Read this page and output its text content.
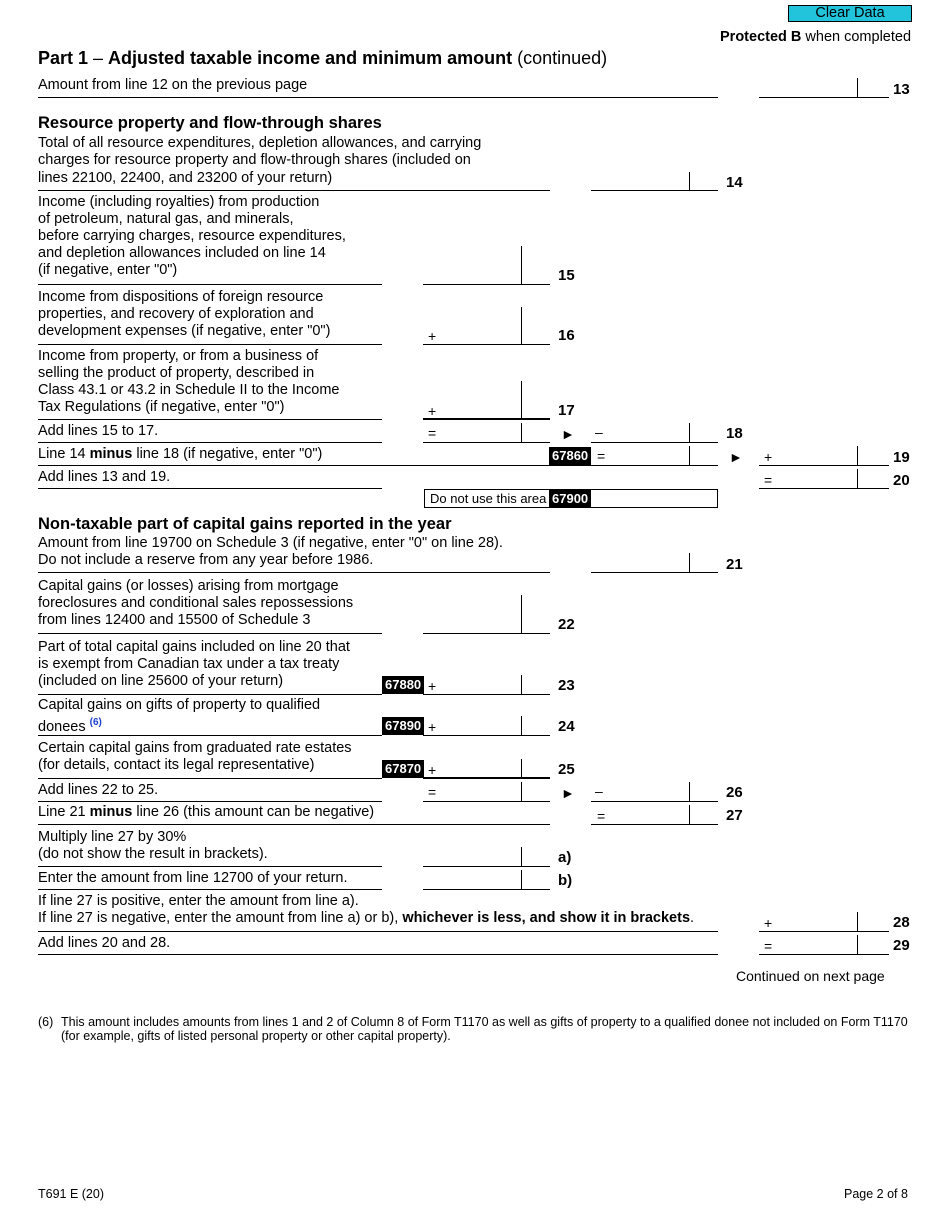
Clear Data
Protected B when completed
Part 1 – Adjusted taxable income and minimum amount (continued)
Amount from line 12 on the previous page	13
Resource property and flow-through shares
Total of all resource expenditures, depletion allowances, and carrying
charges for resource property and flow-through shares (included on
lines 22100, 22400, and 23200 of your return)	14
Income (including royalties) from production
of petroleum, natural gas, and minerals,
before carrying charges, resource expenditures,
and depletion allowances included on line 14
(if negative, enter "0")	15
Income from dispositions of foreign resource
properties, and recovery of exploration and
development expenses (if negative, enter "0")	+	16
Income from property, or from a business of
selling the product of property, described in
Class 43.1 or 43.2 in Schedule II to the Income
Tax Regulations (if negative, enter "0")	+	17
Add lines 15 to 17.	=	► –	18
Line 14 minus line 18 (if negative, enter "0")	67860 =	► +	19
Add lines 13 and 19.	=	20
Do not use this area 67900
Non-taxable part of capital gains reported in the year
Amount from line 19700 on Schedule 3 (if negative, enter "0" on line 28).
Do not include a reserve from any year before 1986.	21
Capital gains (or losses) arising from mortgage
foreclosures and conditional sales repossessions
from lines 12400 and 15500 of Schedule 3	22
Part of total capital gains included on line 20 that
is exempt from Canadian tax under a tax treaty
(included on line 25600 of your return)	67880 +	23
Capital gains on gifts of property to qualified
donees $^{(6)}$	67890 +	24
Certain capital gains from graduated rate estates
(for details, contact its legal representative)	67870 +	25
Add lines 22 to 25.	=	► –	26
Line 21 minus line 26 (this amount can be negative)	=	27
Multiply line 27 by 30%
(do not show the result in brackets).	a)
Enter the amount from line 12700 of your return.	b)
If line 27 is positive, enter the amount from line a).
If line 27 is negative, enter the amount from line a) or b), whichever is less, and show it in brackets.	+	28
Add lines 20 and 28.	=	29
Continued on next page
(6) This amount includes amounts from lines 1 and 2 of Column 8 of Form T1170 as well as gifts of property to a qualified donee not included on Form T1170
(for example, gifts of listed personal property or other capital property).
T691 E (20)	Page 2 of 8
